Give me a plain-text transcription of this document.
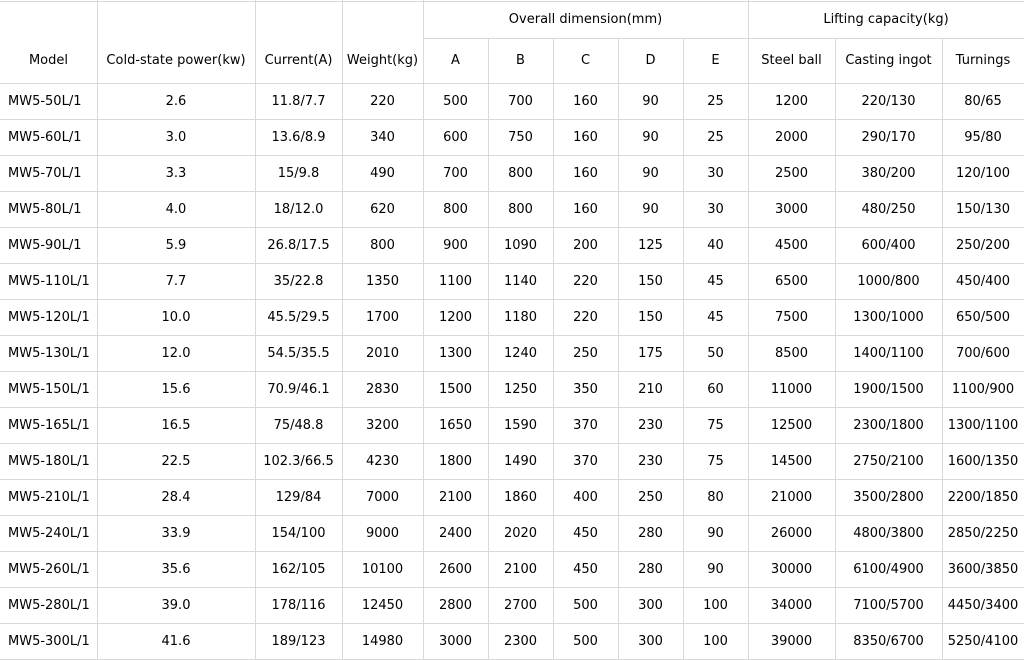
Model	Cold-state power(kw)	Current(A)	Weight(kg)
Overall dimension(mm)	Lifting capacity(kg)
A	B	C	D	E	Steel ball	Casting ingot	Turnings
MW5-50L/1	2.6	11.8/7.7	220	500	700	160	90	25	1200	220/130	80/65
MW5-60L/1	3.0	13.6/8.9	340	600	750	160	90	25	2000	290/170	95/80
MW5-70L/1	3.3	15/9.8	490	700	800	160	90	30	2500	380/200	120/100
MW5-80L/1	4.0	18/12.0	620	800	800	160	90	30	3000	480/250	150/130
MW5-90L/1	5.9	26.8/17.5	800	900	1090	200	125	40	4500	600/400	250/200
MW5-110L/1	7.7	35/22.8	1350	1100	1140	220	150	45	6500	1000/800	450/400
MW5-120L/1	10.0	45.5/29.5	1700	1200	1180	220	150	45	7500	1300/1000	650/500
MW5-130L/1	12.0	54.5/35.5	2010	1300	1240	250	175	50	8500	1400/1100	700/600
MW5-150L/1	15.6	70.9/46.1	2830	1500	1250	350	210	60	11000	1900/1500	1100/900
MW5-165L/1	16.5	75/48.8	3200	1650	1590	370	230	75	12500	2300/1800	1300/1100
MW5-180L/1	22.5	102.3/66.5	4230	1800	1490	370	230	75	14500	2750/2100	1600/1350
MW5-210L/1	28.4	129/84	7000	2100	1860	400	250	80	21000	3500/2800	2200/1850
MW5-240L/1	33.9	154/100	9000	2400	2020	450	280	90	26000	4800/3800	2850/2250
MW5-260L/1	35.6	162/105	10100	2600	2100	450	280	90	30000	6100/4900	3600/3850
MW5-280L/1	39.0	178/116	12450	2800	2700	500	300	100	34000	7100/5700	4450/3400
MW5-300L/1	41.6	189/123	14980	3000	2300	500	300	100	39000	8350/6700	5250/4100
